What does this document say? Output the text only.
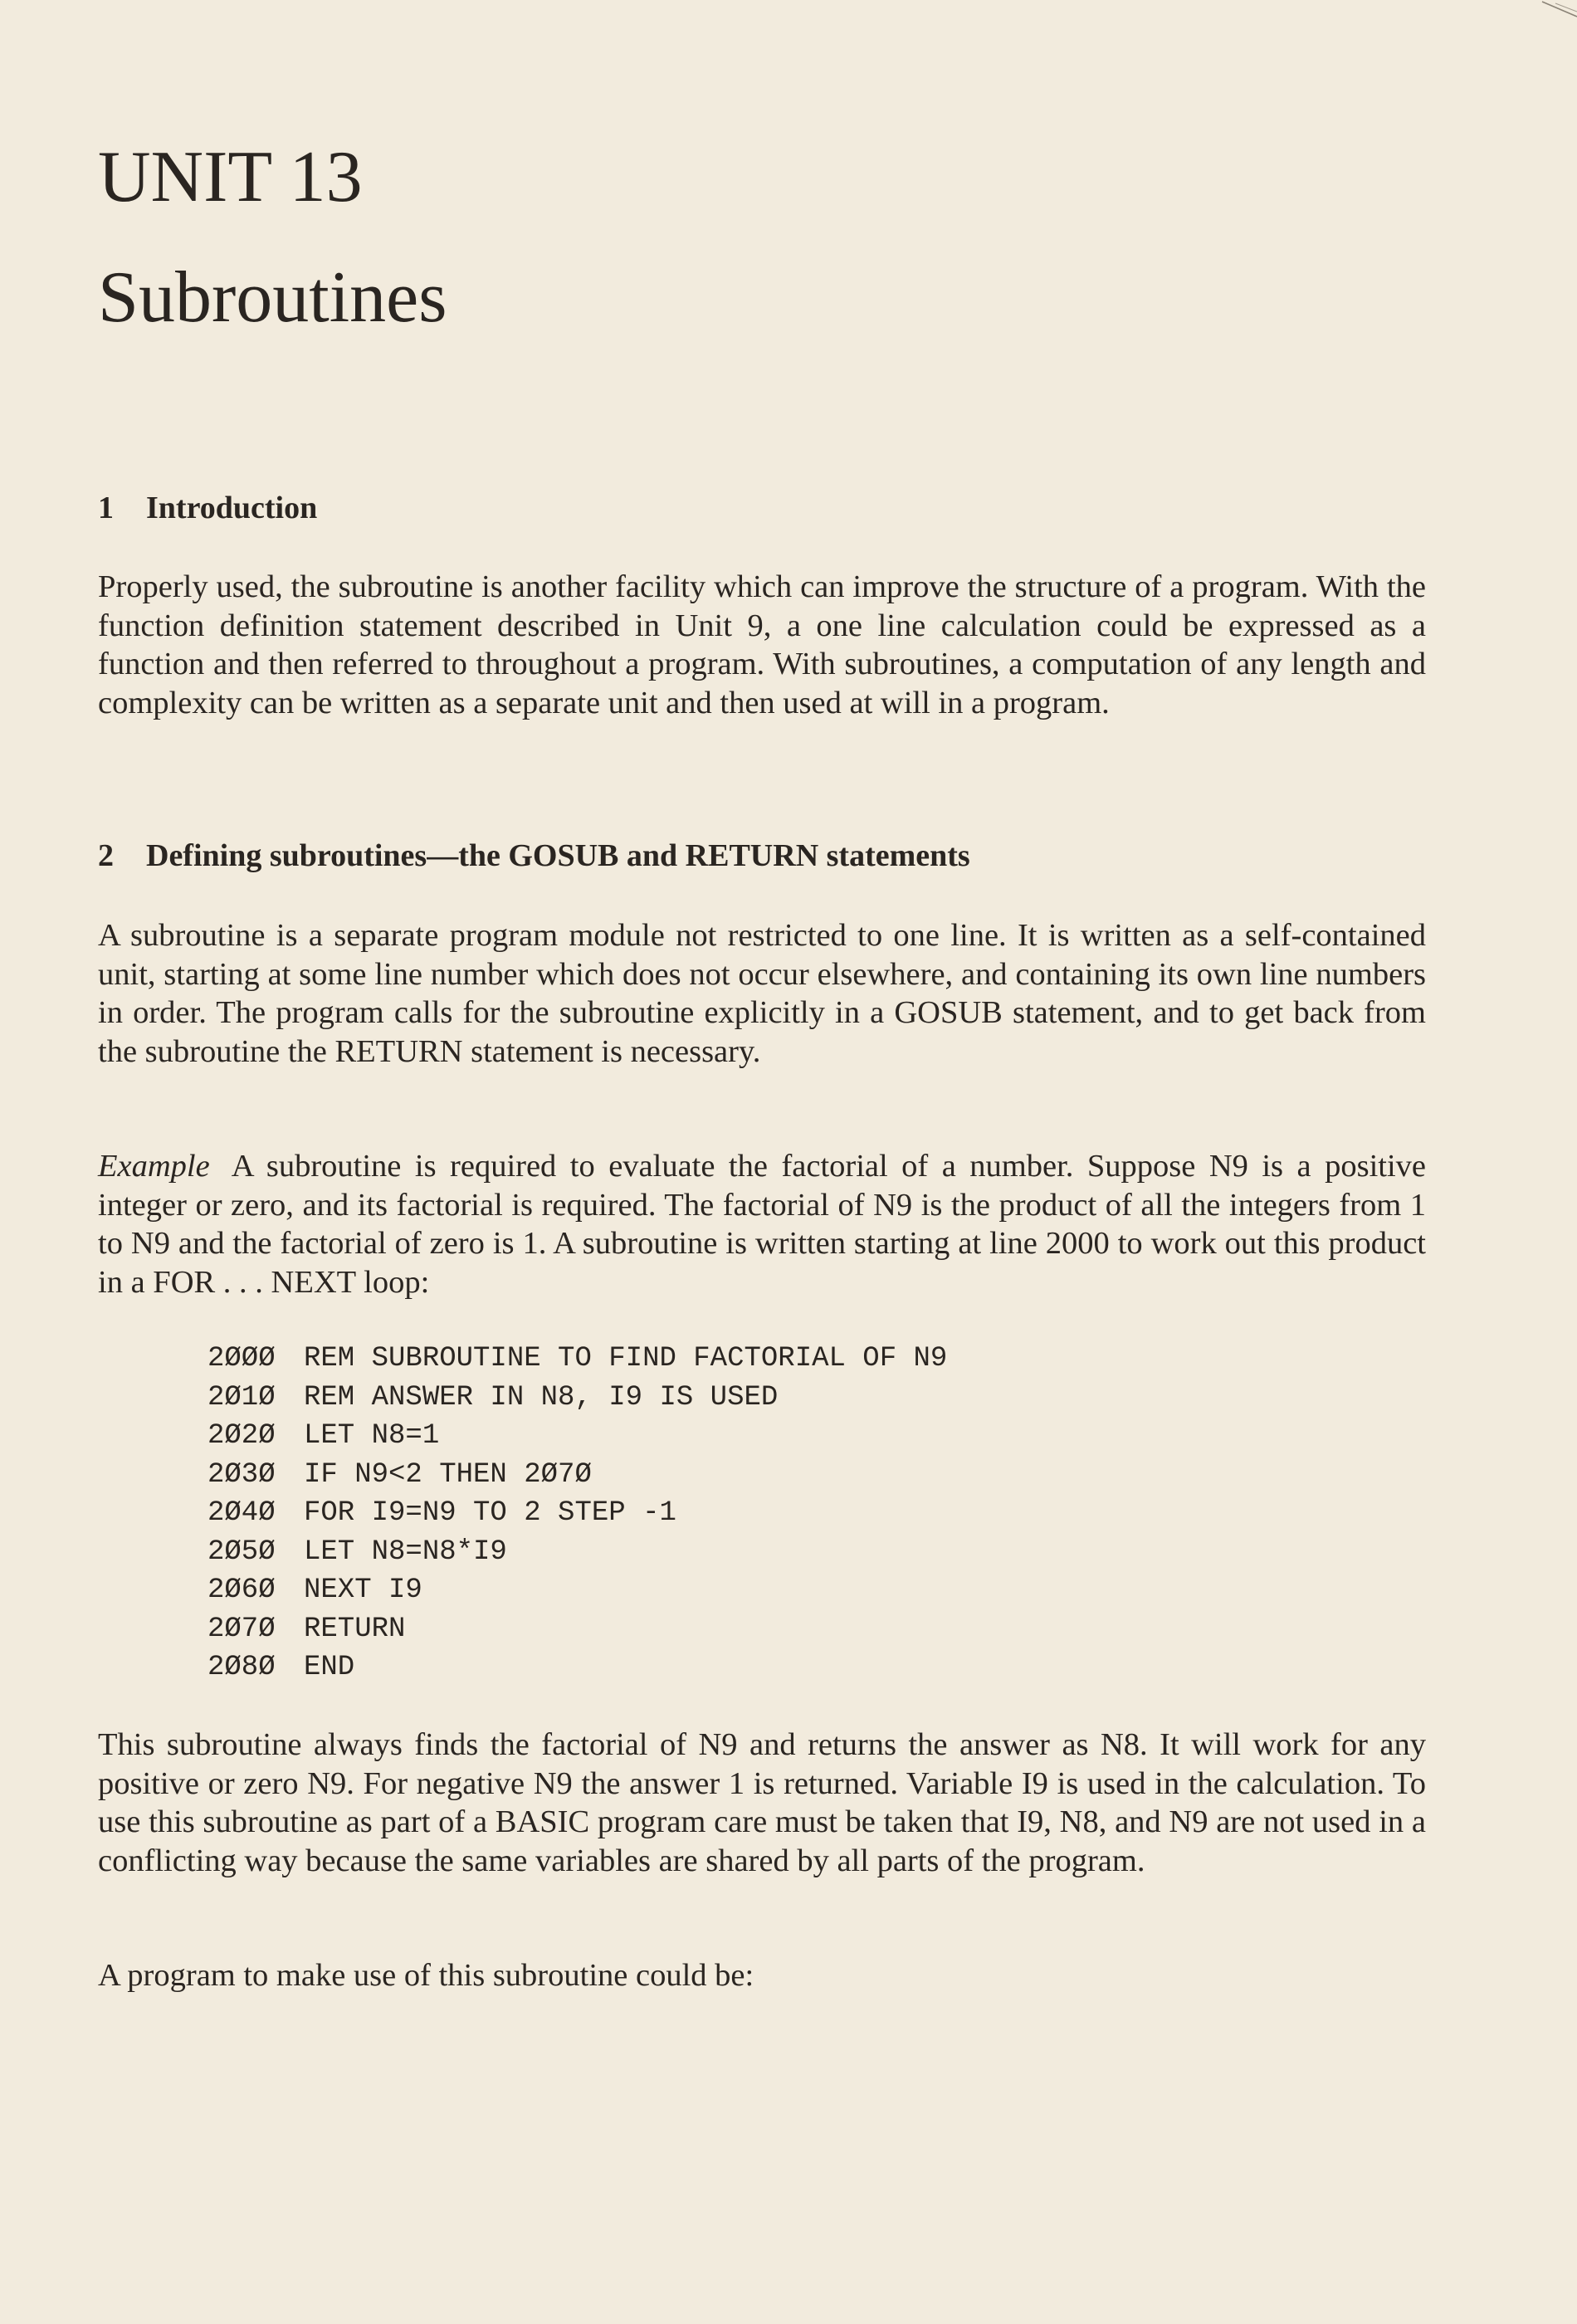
UNIT 13
Subroutines
1 Introduction

Properly used, the subroutine is another facility which can improve the structure of a program. With the function definition statement described in Unit 9, a one line calculation could be expressed as a function and then referred to throughout a program. With subroutines, a computation of any length and complexity can be written as a separate unit and then used at will in a program.

2 Defining subroutines—the GOSUB and RETURN statements

A subroutine is a separate program module not restricted to one line. It is written as a self-contained unit, starting at some line number which does not occur elsewhere, and containing its own line numbers in order. The program calls for the subroutine explicitly in a GOSUB statement, and to get back from the subroutine the RETURN statement is necessary.

Example A subroutine is required to evaluate the factorial of a number. Suppose N9 is a positive integer or zero, and its factorial is required. The factorial of N9 is the product of all the integers from 1 to N9 and the factorial of zero is 1. A subroutine is written starting at line 2000 to work out this product in a FOR . . . NEXT loop:

2ØØØ REM SUBROUTINE TO FIND FACTORIAL OF N9
2Ø1Ø REM ANSWER IN N8, I9 IS USED
2Ø2Ø LET N8=1
2Ø3Ø IF N9<2 THEN 2Ø7Ø
2Ø4Ø FOR I9=N9 TO 2 STEP -1
2Ø5Ø LET N8=N8*I9
2Ø6Ø NEXT I9
2Ø7Ø RETURN
2Ø8Ø END

This subroutine always finds the factorial of N9 and returns the answer as N8. It will work for any positive or zero N9. For negative N9 the answer 1 is returned. Variable I9 is used in the calculation. To use this subroutine as part of a BASIC program care must be taken that I9, N8, and N9 are not used in a conflicting way because the same variables are shared by all parts of the program.

A program to make use of this subroutine could be:
